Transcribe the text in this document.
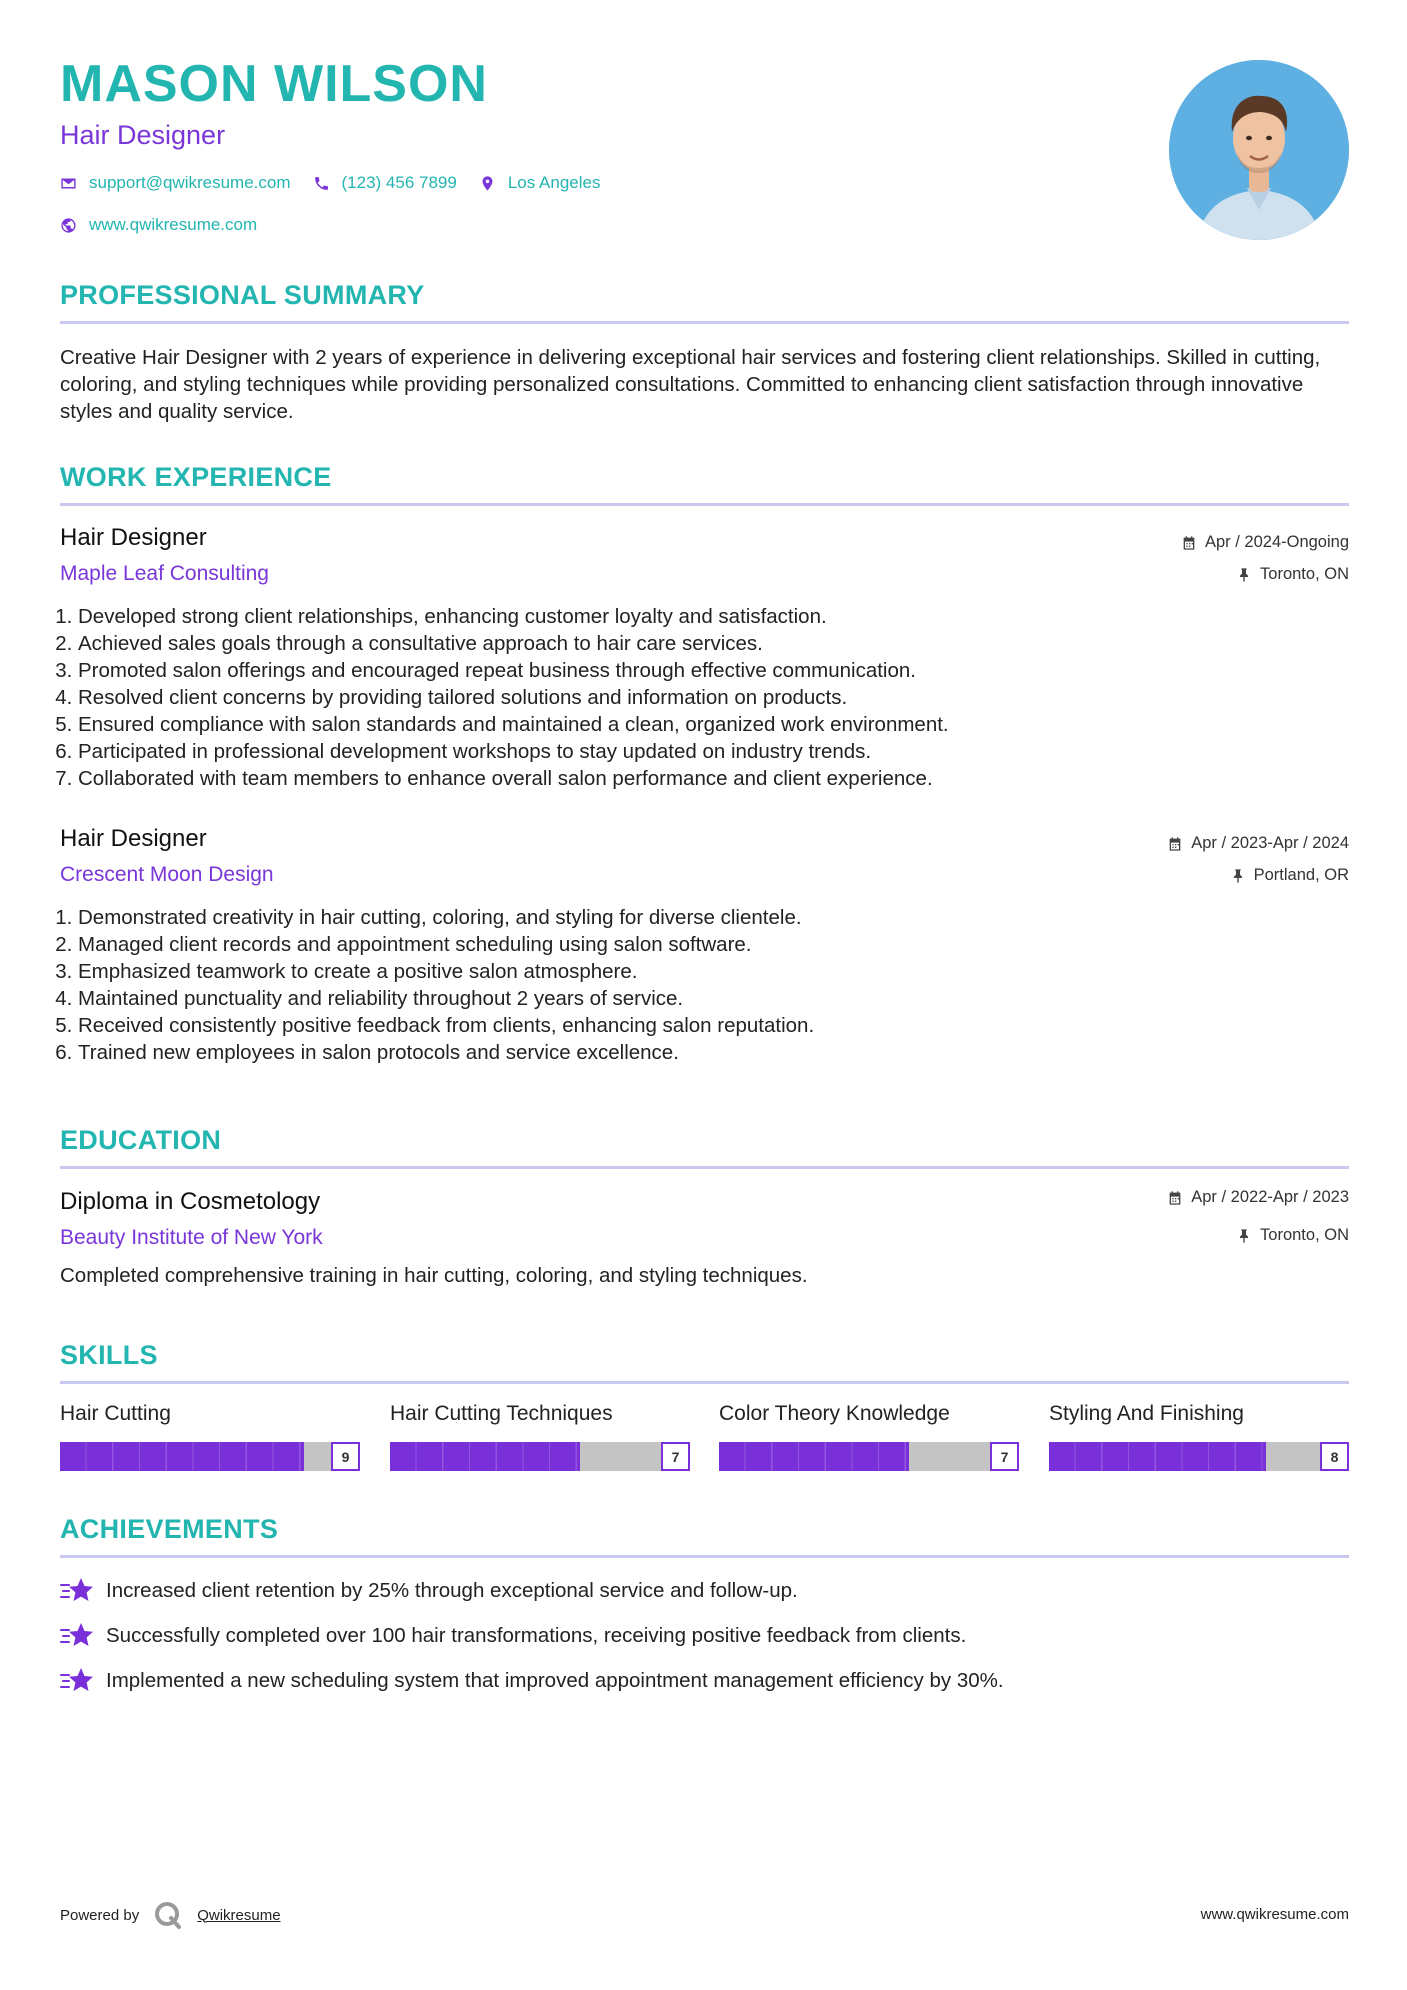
MASON WILSON
Hair Designer
support@qwikresume.com	(123) 456 7899	Los Angeles
www.qwikresume.com
PROFESSIONAL SUMMARY
Creative Hair Designer with 2 years of experience in delivering exceptional hair services and fostering client relationships. Skilled in cutting, coloring, and styling techniques while providing personalized consultations. Committed to enhancing client satisfaction through innovative styles and quality service.
WORK EXPERIENCE
Hair Designer
Maple Leaf Consulting
Apr / 2024-Ongoing
Toronto, ON
1. Developed strong client relationships, enhancing customer loyalty and satisfaction.
2. Achieved sales goals through a consultative approach to hair care services.
3. Promoted salon offerings and encouraged repeat business through effective communication.
4. Resolved client concerns by providing tailored solutions and information on products.
5. Ensured compliance with salon standards and maintained a clean, organized work environment.
6. Participated in professional development workshops to stay updated on industry trends.
7. Collaborated with team members to enhance overall salon performance and client experience.
Hair Designer
Crescent Moon Design
Apr / 2023-Apr / 2024
Portland, OR
1. Demonstrated creativity in hair cutting, coloring, and styling for diverse clientele.
2. Managed client records and appointment scheduling using salon software.
3. Emphasized teamwork to create a positive salon atmosphere.
4. Maintained punctuality and reliability throughout 2 years of service.
5. Received consistently positive feedback from clients, enhancing salon reputation.
6. Trained new employees in salon protocols and service excellence.
EDUCATION
Diploma in Cosmetology
Beauty Institute of New York
Apr / 2022-Apr / 2023
Toronto, ON
Completed comprehensive training in hair cutting, coloring, and styling techniques.
SKILLS
Hair Cutting
9
Hair Cutting Techniques
7
Color Theory Knowledge
7
Styling And Finishing
8
ACHIEVEMENTS
Increased client retention by 25% through exceptional service and follow-up.
Successfully completed over 100 hair transformations, receiving positive feedback from clients.
Implemented a new scheduling system that improved appointment management efficiency by 30%.
Powered by	Qwikresume	www.qwikresume.com
